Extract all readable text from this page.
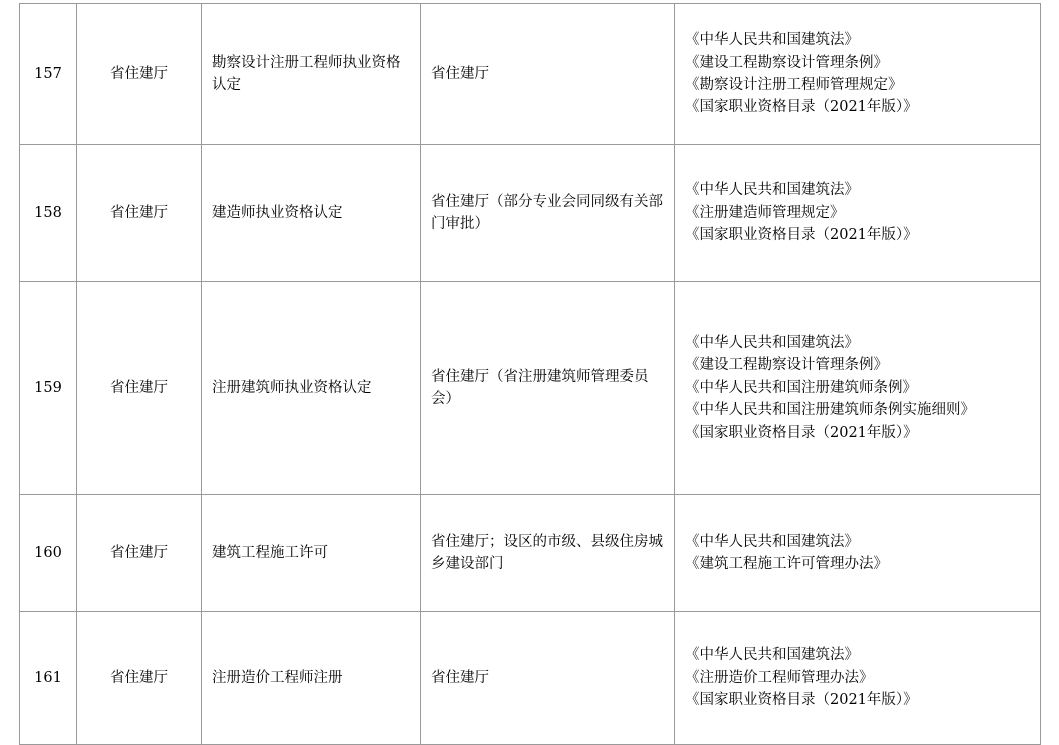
157	省住建厅	勘察设计注册工程师执业资格认定	省住建厅	《中华人民共和国建筑法》
《建设工程勘察设计管理条例》
《勘察设计注册工程师管理规定》
《国家职业资格目录（2021年版）》

158	省住建厅	建造师执业资格认定	省住建厅（部分专业会同同级有关部门审批）	《中华人民共和国建筑法》
《注册建造师管理规定》
《国家职业资格目录（2021年版）》

159	省住建厅	注册建筑师执业资格认定	省住建厅（省注册建筑师管理委员会）	《中华人民共和国建筑法》
《建设工程勘察设计管理条例》
《中华人民共和国注册建筑师条例》
《中华人民共和国注册建筑师条例实施细则》
《国家职业资格目录（2021年版）》

160	省住建厅	建筑工程施工许可	省住建厅；设区的市级、县级住房城乡建设部门	《中华人民共和国建筑法》
《建筑工程施工许可管理办法》

161	省住建厅	注册造价工程师注册	省住建厅	《中华人民共和国建筑法》
《注册造价工程师管理办法》
《国家职业资格目录（2021年版）》
